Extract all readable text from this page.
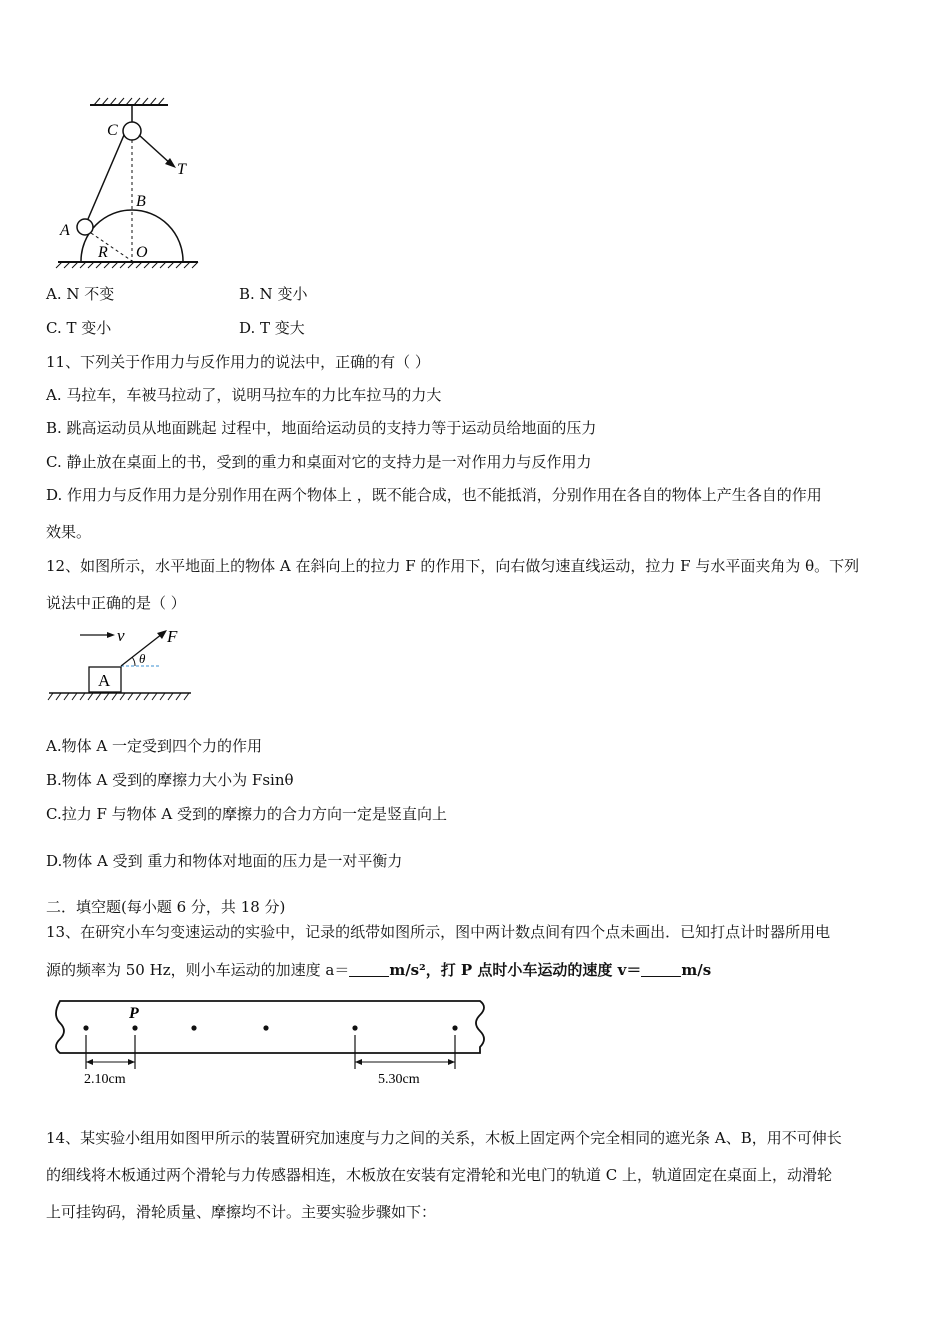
C
T
B
A
R O
A. N 不变	B. N 变小
C. T 变小	D. T 变大
11、下列关于作用力与反作用力的说法中，正确的有（ ）
A. 马拉车，车被马拉动了，说明马拉车的力比车拉马的力大
B. 跳高运动员从地面跳起 过程中，地面给运动员的支持力等于运动员给地面的压力
C. 静止放在桌面上的书，受到的重力和桌面对它的支持力是一对作用力与反作用力
D. 作用力与反作用力是分别作用在两个物体上 ，既不能合成，也不能抵消，分别作用在各自的物体上产生各自的作用
效果。
12、如图所示，水平地面上的物体 A 在斜向上的拉力 F 的作用下，向右做匀速直线运动，拉力 F 与水平面夹角为 θ。下列
说法中正确的是（ ）
v
A
F
θ
A.物体 A 一定受到四个力的作用
B.物体 A 受到的摩擦力大小为 Fsinθ
C.拉力 F 与物体 A 受到的摩擦力的合力方向一定是竖直向上
D.物体 A 受到 重力和物体对地面的压力是一对平衡力
二．填空题(每小题 6 分，共 18 分)
13、在研究小车匀变速运动的实验中，记录的纸带如图所示，图中两计数点间有四个点未画出．已知打点计时器所用电
源的频率为 50 Hz，则小车运动的加速度 a＝	m/s²，打 P 点时小车运动的速度 v＝	m/s
P
2.10cm	5.30cm
14、某实验小组用如图甲所示的装置研究加速度与力之间的关系，木板上固定两个完全相同的遮光条 A、B，用不可伸长
的细线将木板通过两个滑轮与力传感器相连，木板放在安装有定滑轮和光电门的轨道 C 上，轨道固定在桌面上，动滑轮
上可挂钩码，滑轮质量、摩擦均不计。主要实验步骤如下：
